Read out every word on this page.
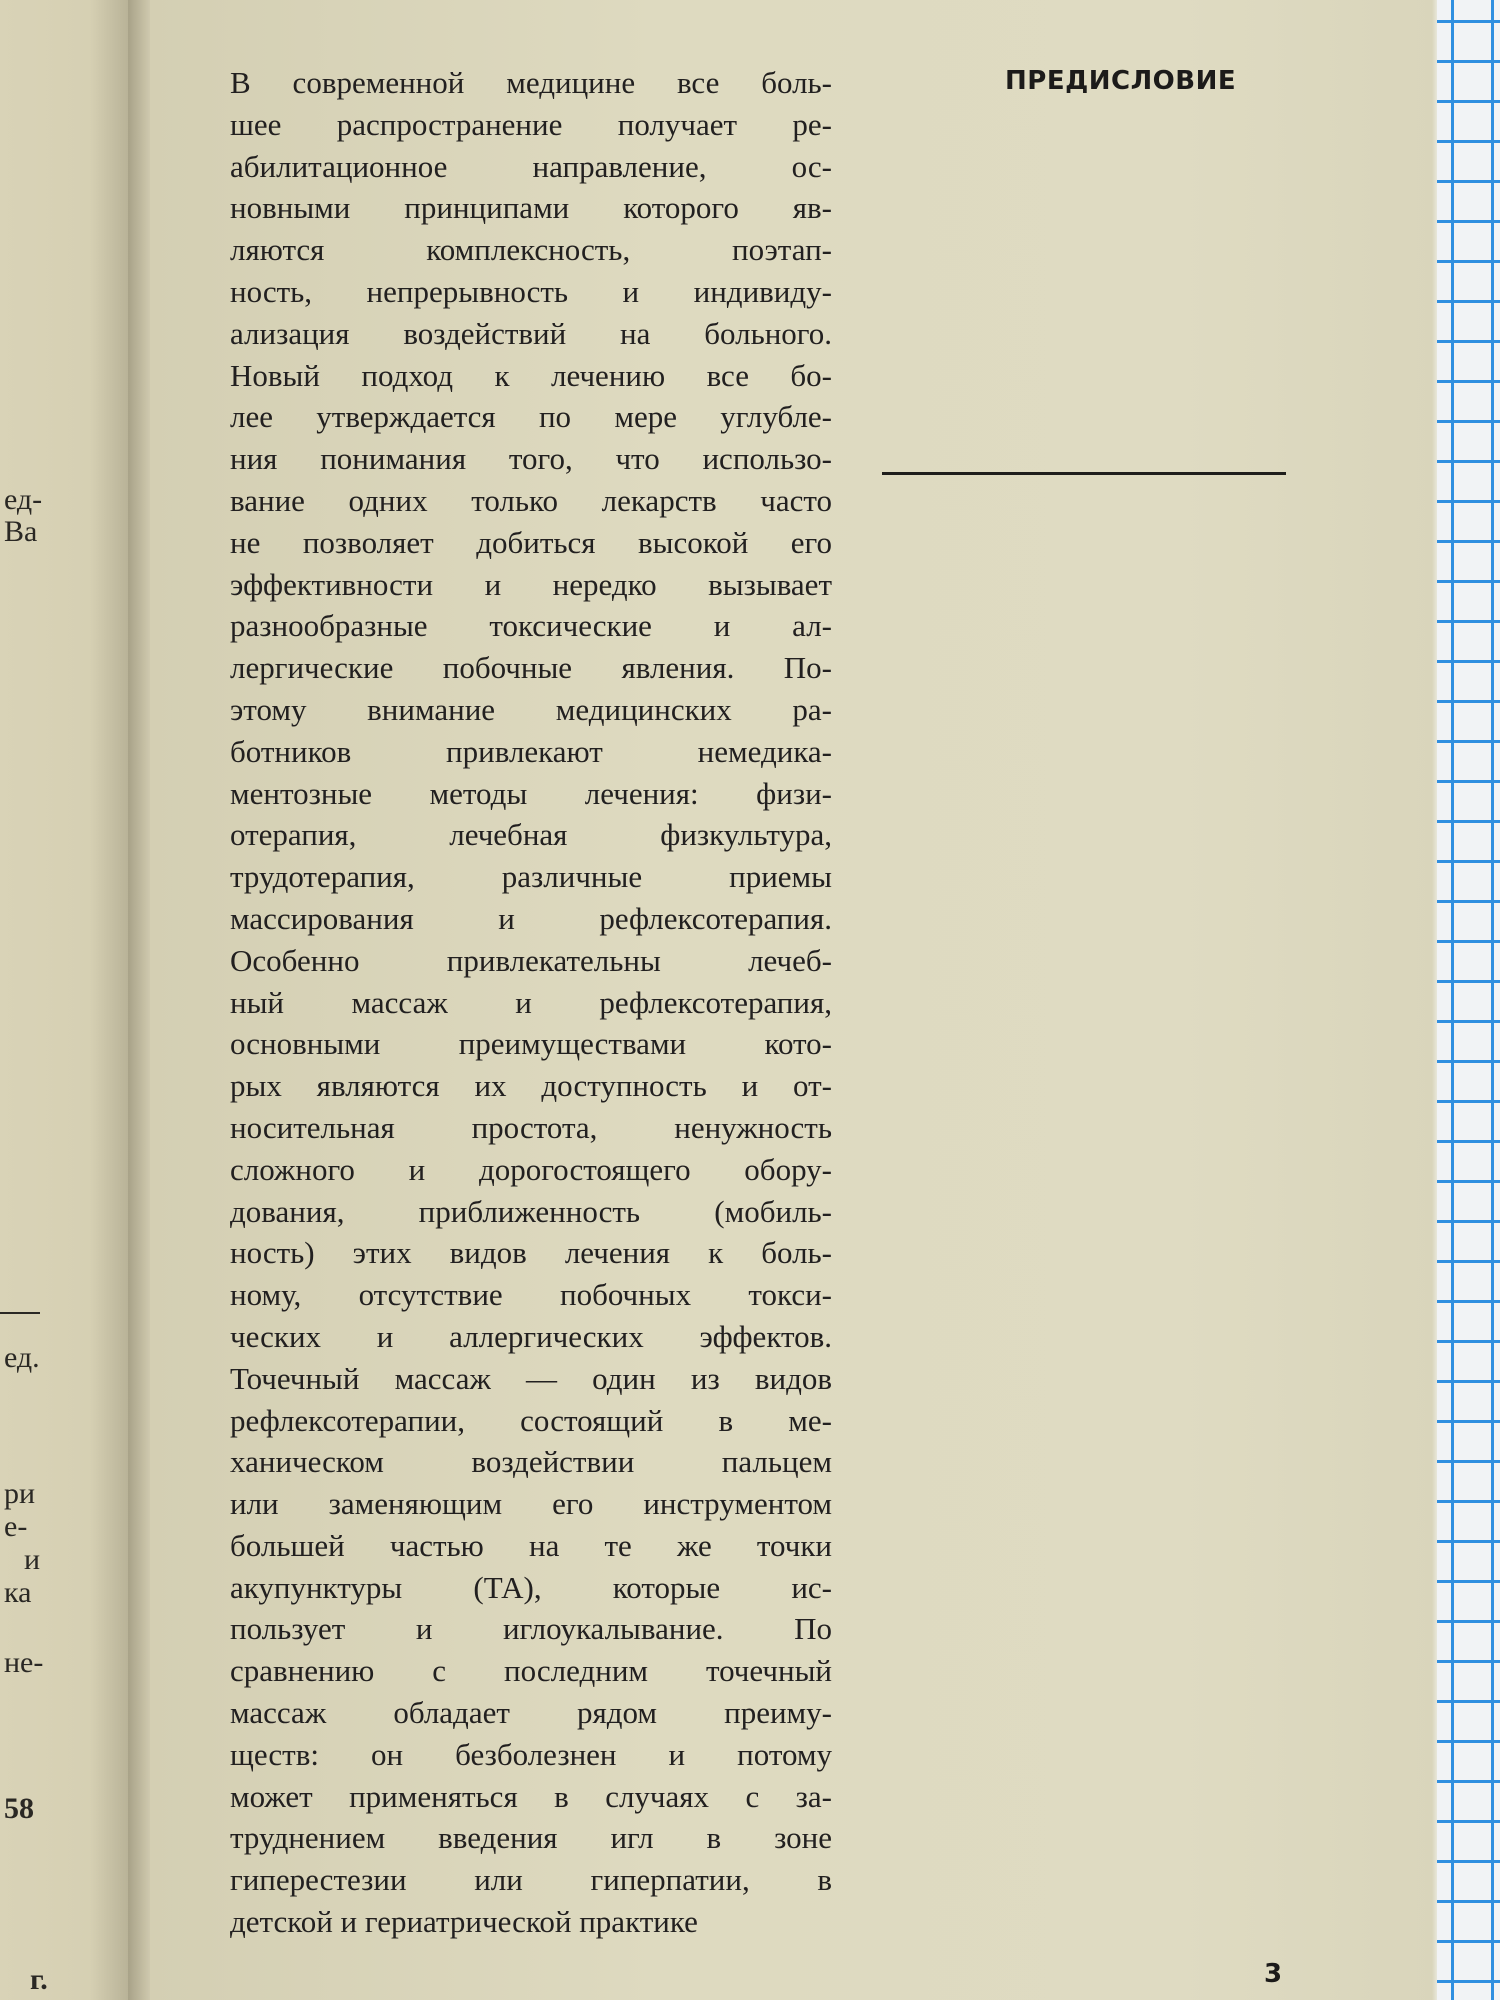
ед-
Ва
ед.
ри
е-
и
ка
не-
58
г.
ПРЕДИСЛОВИЕ

В современной медицине все боль-
шее распространение получает ре-
абилитационное направление, ос-
новными принципами которого яв-
ляются комплексность, поэтап-
ность, непрерывность и индивиду-
ализация воздействий на больного.
Новый подход к лечению все бо-
лее утверждается по мере углубле-
ния понимания того, что использо-
вание одних только лекарств часто
не позволяет добиться высокой его
эффективности и нередко вызывает
разнообразные токсические и ал-
лергические побочные явления. По-
этому внимание медицинских ра-
ботников привлекают немедика-
ментозные методы лечения: физи-
отерапия, лечебная физкультура,
трудотерапия, различные приемы
массирования и рефлексотерапия.
Особенно привлекательны лечеб-
ный массаж и рефлексотерапия,
основными преимуществами кото-
рых являются их доступность и от-
носительная простота, ненужность
сложного и дорогостоящего обору-
дования, приближенность (мобиль-
ность) этих видов лечения к боль-
ному, отсутствие побочных токси-
ческих и аллергических эффектов.
Точечный массаж — один из видов
рефлексотерапии, состоящий в ме-
ханическом воздействии пальцем
или заменяющим его инструментом
большей частью на те же точки
акупунктуры (ТА), которые ис-
пользует и иглоукалывание. По
сравнению с последним точечный
массаж обладает рядом преиму-
ществ: он безболезнен и потому
может применяться в случаях с за-
труднением введения игл в зоне
гиперестезии или гиперпатии, в
детской и гериатрической практике

3
